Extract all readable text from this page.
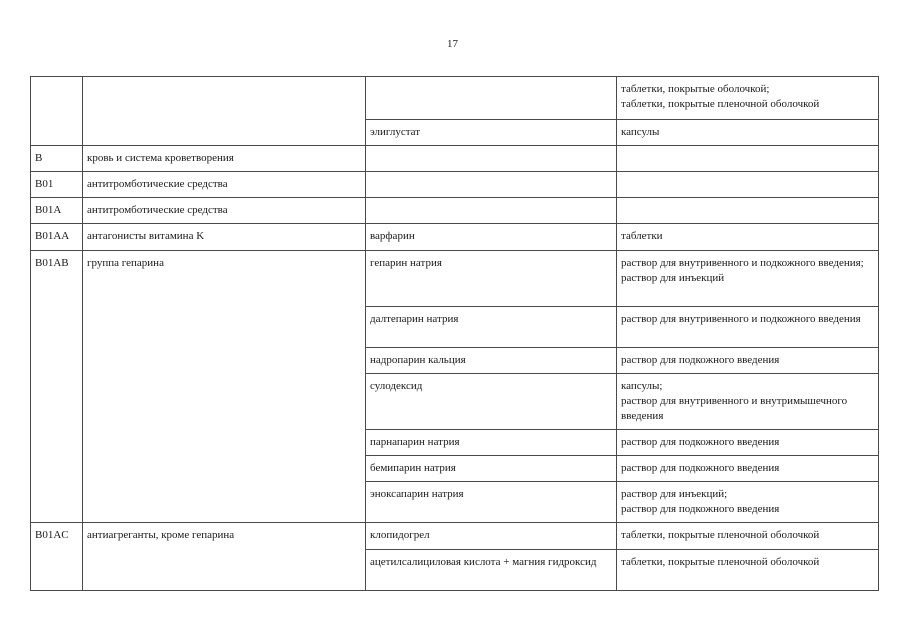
17

			таблетки, покрытые оболочкой;
таблетки, покрытые пленочной оболочкой

		элиглустат	капсулы

B	кровь и система кроветворения		

B01	антитромботические средства		

B01A	антитромботические средства		

B01AA	антагонисты витамина K	варфарин	таблетки

B01AB	группа гепарина	гепарин натрия	раствор для внутривенного и подкожного введения;
раствор для инъекций

		далтепарин натрия	раствор для внутривенного и подкожного введения

		надропарин кальция	раствор для подкожного введения

		сулодексид	капсулы;
раствор для внутривенного и внутримышечного введения

		парнапарин натрия	раствор для подкожного введения

		бемипарин натрия	раствор для подкожного введения

		эноксапарин натрия	раствор для инъекций;
раствор для подкожного введения

B01AC	антиагреганты, кроме гепарина	клопидогрел	таблетки, покрытые пленочной оболочкой

		ацетилсалициловая кислота + магния гидроксид	таблетки, покрытые пленочной оболочкой
